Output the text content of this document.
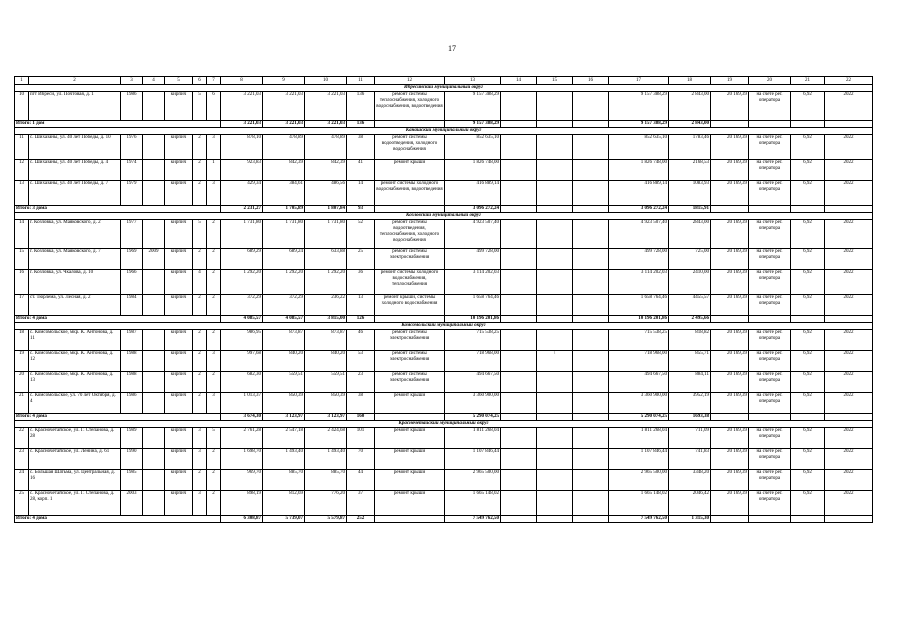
17
1	2	3	4	5	6	7	8	9	10	11	12	13	14	15	16	17	18	19	20	21	22
Ибресинский муниципальный округ																					
10	пгт Ибреси, ул. Почтовая, д. 1	1986		кирпич	5	6	3 221,03	3 221,03	3 221,03	136	ремонт системы теплоснабжения, холодного водоснабжения, водоотведения	9 157 388,29				9 157 388,29	2 843,00	20 169,39	на счете рег. оператора	6,92	2022
Итого: 1 дом							3 221,03	3 221,03	3 221,03	136		9 157 388,29				9 157 388,29	2 843,00				
Канашский муниципальный округ																					
11	с. Шихазаны, ул. 40 лет Победы, д. 10	1976		кирпич	2	3	878,10	478,89	478,89	38	ремонт системы водоотведения, холодного водоснабжения	852 635,10				852 635,10	1783,46	20 169,39	на счете рег. оператора	6,92	2022
12	с. Шихазаны, ул. 40 лет Победы, д. 4	1974		кирпич	2	1	923,83	842,39	842,39	41	ремонт крыши	1 826 748,00				1 826 748,00	2168,53	20 169,39	на счете рег. оператора	6,92	2022
13	с. Шихазаны, ул. 40 лет Победы, д. 7	1979		кирпич	2	3	429,34	384,61	486,56	14	ремонт системы холодного водоснабжения, водоотведения	416 889,14				416 889,14	1083,93	20 169,39	на счете рег. оператора	6,92	2022
Итого: 3 дома							2 231,27	1 705,89	1 807,84	93		3 096 272,24				3 096 272,24	1815,91				
Козловский муниципальный округ																					
14	г. Козловка, ул. Маяковского, д. 2	1977		кирпич	5	2	1 731,80	1 731,80	1 731,80	52	ремонт системы водоотведения, теплоснабжения, холодного водоснабжения	4 923 507,40				4 923 507,40	2843,00	20 169,39	на счете рег. оператора	6,92	2022
15	г. Козловка, ул. Маяковского, д. 7	1969	2009	кирпич	2	2	689,29	689,24	633,88	25	ремонт системы электроснабжения	499 728,00				499 728,00	725,00	20 169,39	на счете рег. оператора	6,92	2022
16	г. Козловка, ул. Чкалова, д. 10	1966		кирпич	4	2	1 292,20	1 292,20	1 292,20	36	ремонт системы холодного водоснабжения, теплоснабжения	3 114 202,03				3 114 202,03	2410,00	20 169,39	на счете рег. оператора	6,92	2022
17	ст. Тюрлема, ул. Лесная, д. 2	1984		кирпич	2	2	372,29	372,29	236,22	13	ремонт крыши, системы холодного водоснабжения	1 658 764,46				1 658 764,46	4455,57	20 169,39	на счете рег. оператора	6,92	2022
Итого: 4 дома							4 085,57	4 085,57	3 815,00	126		10 196 201,86				10 196 201,86	2 495,66				
Комсомольский муниципальный округ																					
18	с. Комсомольское, мкр. К. Антонова, д. 11	1987		кирпич	2	2	986,95	873,87	873,87	46	ремонт системы электроснабжения	715 538,25				715 538,25	818,82	20 169,39	на счете рег. оператора	6,92	2022
19	с. Комсомольское, мкр. К. Антонова, д. 12	1988		кирпич	2	3	997,68	840,20	840,20	53	ремонт системы электроснабжения	718 968,00		\		718 968,00	855,71	20 169,39	на счете рег. оператора	6,92	2022
20	с. Комсомольское, мкр. К. Антонова, д. 13	1988		кирпич	2	2	682,30	559,51	559,51	23	ремонт системы электроснабжения	494 667,50				494 667,50	884,11	20 169,39	на счете рег. оператора	6,92	2022
21	с. Комсомольское, ул. 70 лет Октября, д. 4	1986		кирпич	2	3	1 013,37	850,39	850,39	38	ремонт крыши	3 360 900,00				3 360 900,00	3952,19	20 169,39	на счете рег. оператора	6,92	2022
Итого: 4 дома							3 674,30	3 123,97	3 123,97	160		5 290 074,25				5 290 074,25	1693,38				
Красночетайский муниципальный округ																					
22	с. Красночетайское, ул. Г. Степанова, д. 28	1989		кирпич	3	5	2 761,28	2 547,18	2 424,68	101	ремонт крыши	1 811 268,04				1 811 268,04	711,09	20 169,39	на счете рег. оператора	6,92	2022
23	с. Красночетайское, ул. Ленина, д. 61	1990		кирпич	3	2	1 698,70	1 493,40	1 493,40	70	ремонт крыши	1 107 846,44				1 107 846,44	741,83	20 169,39	на счете рег. оператора	6,92	2022
24	с. Большая Шатьма, ул. Центральная, д. 16	1985		кирпич	2	2	969,70	885,70	885,70	44	ремонт крыши	2 965 500,00				2 965 500,00	3348,20	20 169,39	на счете рег. оператора	6,92	2022
25	с. Красночетайское, ул. Г. Степанова, д. 28, корп. 1	2003		кирпич	3	2	898,19	812,69	776,20	37	ремонт крыши	1 665 148,02				1 665 148,02	2046,42	20 169,39	на счете рег. оператора	6,92	2022
Итого: 4 дома							6 308,87	5 739,07	5 579,87	252		7 549 762,50				7 549 762,50	1 315,30				
